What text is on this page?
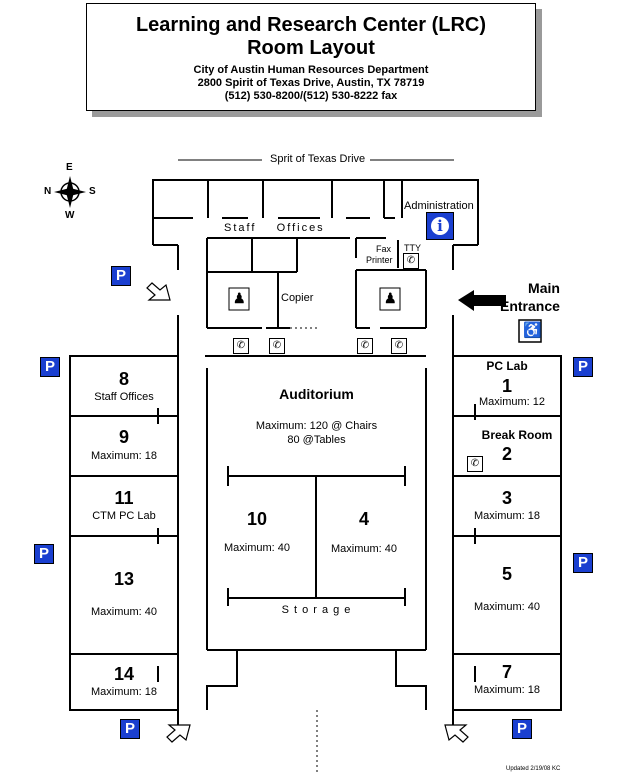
Learning and Research Center (LRC)
Room Layout
City of Austin Human Resources Department
2800 Spirit of Texas Drive, Austin, TX 78719
(512) 530-8200/(512) 530-8222 fax
Sprit of Texas Drive
E
N	S
W
Administration
i
Staff    Offices
Fax
Printer
TTY
✆
Copier
♟	♟
Main
Entrance
♿
✆	✆	✆	✆
✆
P
P	P
P
P
P	P
8
Staff Offices
9
Maximum: 18
11
CTM PC Lab
13
Maximum: 40
14
Maximum: 18
PC Lab
1
Maximum: 12
Break Room
2
3
Maximum: 18
5
Maximum: 40
7
Maximum: 18
Auditorium
Maximum: 120 @ Chairs
80 @Tables
10
Maximum: 40
4
Maximum: 40
S t o r a g e
Updated 2/19/08 KC
